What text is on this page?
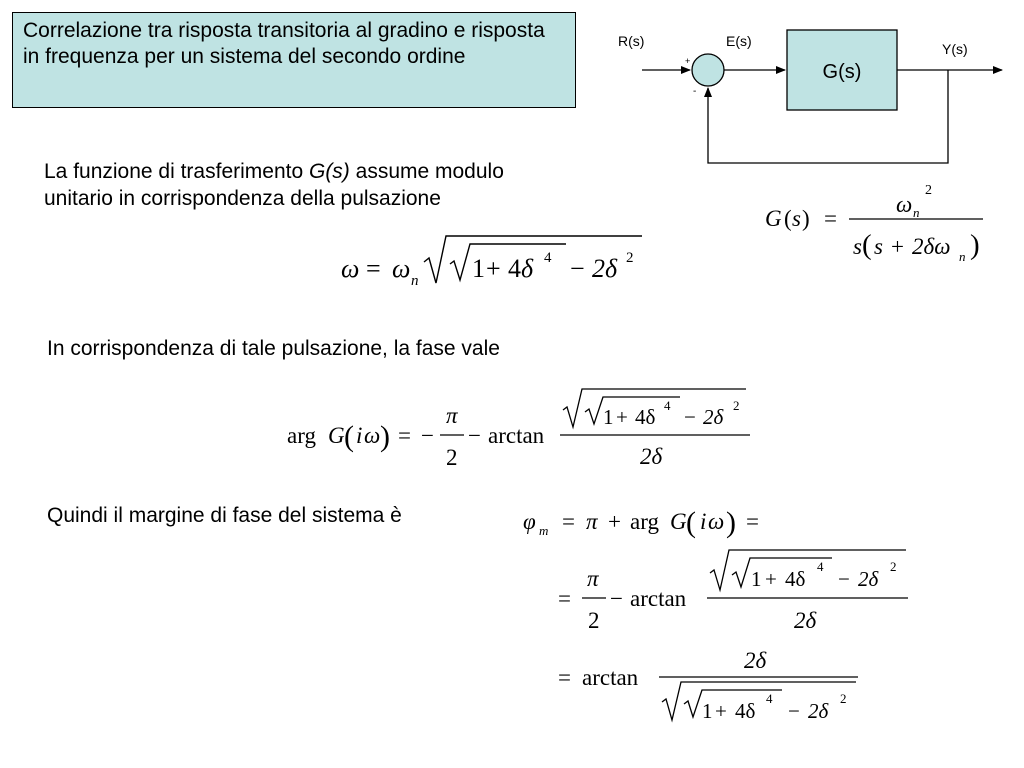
Correlazione tra risposta transitoria al gradino e risposta in frequenza per un sistema del secondo ordine
La funzione di trasferimento G(s) assume modulo
unitario in corrispondenza della pulsazione
In corrispondenza di tale pulsazione, la fase vale
Quindi il margine di fase del sistema è
R(s)	E(s)	Y(s)
G(s)
+
-
G ( s ) =
ω n
2
s ( s + 2δω n )
ω = ω n 1 + 4 δ 4 − 2δ 2
arg G ( i ω ) = −
π
2
− arctan
1 + 4δ 4 − 2δ 2
2δ
φ m = π + arg G ( i ω ) =
=
π
2
− arctan
1 + 4δ
4
− 2δ
2
2δ
= arctan
2δ
1 + 4δ
4
− 2δ
2
